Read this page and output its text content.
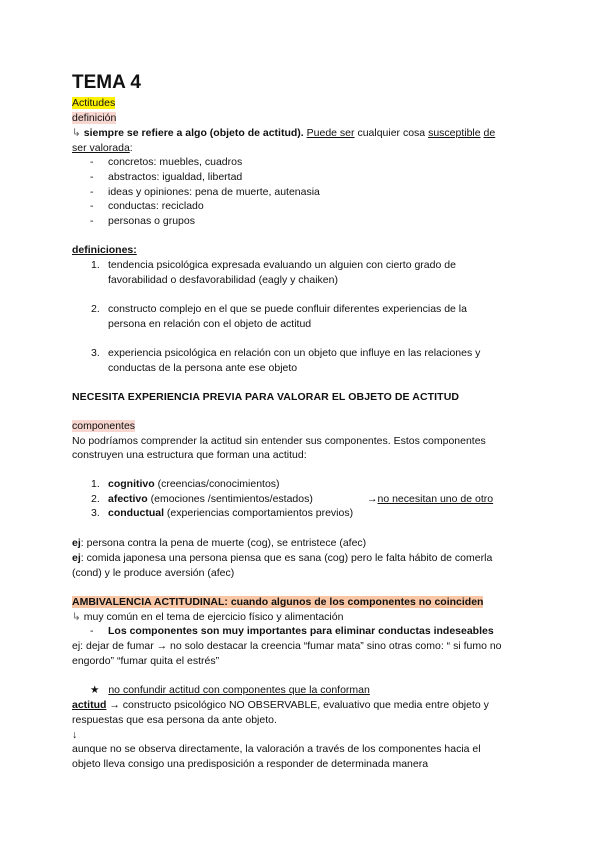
TEMA 4
Actitudes
definición
↳ siempre se refiere a algo (objeto de actitud). Puede ser cualquier cosa susceptible de
ser valorada:
- concretos: muebles, cuadros
- abstractos: igualdad, libertad
- ideas y opiniones: pena de muerte, autenasia
- conductas: reciclado
- personas o grupos
definiciones:
1. tendencia psicológica expresada evaluando un alguien con cierto grado de
favorabilidad o desfavorabilidad (eagly y chaiken)
2. constructo complejo en el que se puede confluir diferentes experiencias de la
persona en relación con el objeto de actitud
3. experiencia psicológica en relación con un objeto que influye en las relaciones y
conductas de la persona ante ese objeto
NECESITA EXPERIENCIA PREVIA PARA VALORAR EL OBJETO DE ACTITUD
componentes
No podríamos comprender la actitud sin entender sus componentes. Estos componentes
construyen una estructura que forman una actitud:
1. cognitivo (creencias/conocimientos)
2. afectivo (emociones /sentimientos/estados)	→no necesitan uno de otro
3. conductual (experiencias comportamientos previos)
ej: persona contra la pena de muerte (cog), se entristece (afec)
ej: comida japonesa una persona piensa que es sana (cog) pero le falta hábito de comerla
(cond) y le produce aversión (afec)
AMBIVALENCIA ACTITUDINAL: cuando algunos de los componentes no coinciden
↳ muy común en el tema de ejercicio físico y alimentación
- Los componentes son muy importantes para eliminar conductas indeseables
ej: dejar de fumar → no solo destacar la creencia “fumar mata” sino otras como: “ si fumo no
engordo” “fumar quita el estrés”
★ no confundir actitud con componentes que la conforman
actitud → constructo psicológico NO OBSERVABLE, evaluativo que media entre objeto y
respuestas que esa persona da ante objeto.
↓
aunque no se observa directamente, la valoración a través de los componentes hacia el
objeto lleva consigo una predisposición a responder de determinada manera
